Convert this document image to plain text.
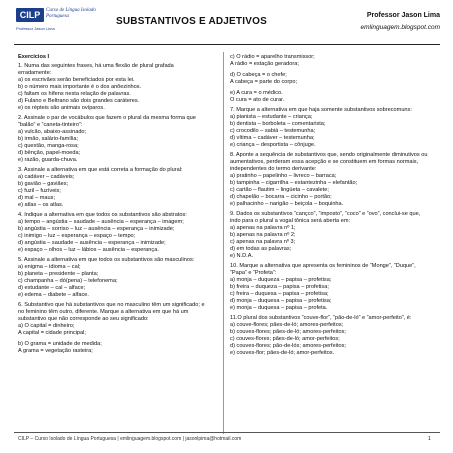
CILP	Curso de Língua Isolado Portuguesa
Professor Jason Lima
SUBSTANTIVOS E ADJETIVOS
Professor Jason Lima
emlinguagem.blogspot.com
Exercícios I

1. Numa das seguintes frases, há uma flexão de plural grafada erradamente:

a) os escrivães serão beneficiados por esta lei.
b) o número mais importante é o dos anõezinhos.
c) faltam os hífens nesta relação de palavras.
d) Fulano e Beltrano são dois grandes caráteres.
e) os répteis são animais ovíparos.

2. Assinale o par de vocábulos que fazem o plural da mesma forma que “balão” e “caneta-tinteiro”:

a) vulcão, abaixo-assinado;
b) irmão, salário-família;
c) questão, manga-rosa;
d) bênção, papel-moeda;
e) razão, guarda-chuva.

3. Assinale a alternativa em que está correta a formação do plural:

a) cadáver – cadáveis;
b) gavião – gaviães;
c) fuzil – fuzíveis;
d) mal – maus;
e) atlas – os atlas.

4. Indique a alternativa em que todos os substantivos são abstratos:

a) tempo – angústia – saudade – ausência – esperança – imagem;
b) angústia – sorriso – luz – ausência – esperança – inimizade;
c) inimigo – luz – esperança – espaço – tempo;
d) angústia – saudade – ausência – esperança – inimizade;
e) espaço – olhos – luz – lábios – ausência – esperança.

5. Assinale a alternativa em que todos os substantivos são masculinos:

a) enigma – idioma – cal;
b) planeta – presidente – planta;
c) champanha – dó(pena) – telefonema;
d) estudante – cal – alface;
e) edema – diabete – alface.

6. Substantivo que há substantivos que no masculino têm um significado; e no feminino têm outro, diferente. Marque a alternativa em que há um substantivo que não corresponde ao seu significado:

a) O capital = dinheiro;
A capital = cidade principal;
b) O grama = unidade de medida;
A grama = vegetação rasteira;
c) O rádio = aparelho transmissor;
A rádio = estação geradora;
d) O cabeça = o chefe;
A cabeça = parte do corpo;
e) A cura = o médico.
O cura = ato de curar.

7. Marque a alternativa em que haja somente substantivos sobrecomuns:

a) pianista – estudante – criança;
b) dentista – borboleta – comentarista;
c) crocodilo – sabiá – testemunha;
d) vítima – cadáver – testemunha;
e) criança – desportista – cônjuge.

8. Aponte a sequência de substantivos que, sendo originalmente diminutivos ou aumentativos, perderam essa acepção e se constituem em formas normais, independentes do termo derivante:

a) pratinho – papelinho – livreco – barraca;
b) tampinha – cigarrilha – estantezinha – elefantão;
c) cartão – flautim – lingüeta – cavalete;
d) chapelão – bocarra – cicinho – portão;
e) palhacinho – narigão – beiçola – boquinha.

9. Dados os substantivos “cançco”, “imposto”, “coco” e “ovo”, conclui-se que, indo para o plural a vogal tônica será aberta em:

a) apenas na palavra nº 1;
b) apenas na palavra nº 2;
c) apenas na palavra nº 3;
d) em todas as palavras;
e) N.D.A.

10. Marque a alternativa que apresenta os femininos de “Monge”, “Duque”, “Papa” e “Profeta”:

a) monja – duqueza – papisa – profetisa;
b) freira – duqueza – papisa – profetisa;
c) freira – duquesa – papisa – profetisa;
d) monja – duquesa – papisa – profetisa;
e) monja – duquesa – papisa – profeta.

11.O plural dos substantivos “couve-flor”, “pão-de-ló” e “amor-perfeito”, é:

a) couve-flores; pães-de-ló; amores-perfeitos;
b) couves-flores; pães-de-ló; amores-perfeitos;
c) couves-flores; pães-de-ló; amor-perfeitos;
d) couves-flores; pão-de-lós; amores-perfeitos;
e) couves-flor; pães-de-ló; amor-perfeitos.
CILP – Curso Isolado de Língua Portuguesa | emlinguagem.blogspot.com | jasonlpima@hotmail.com	1
